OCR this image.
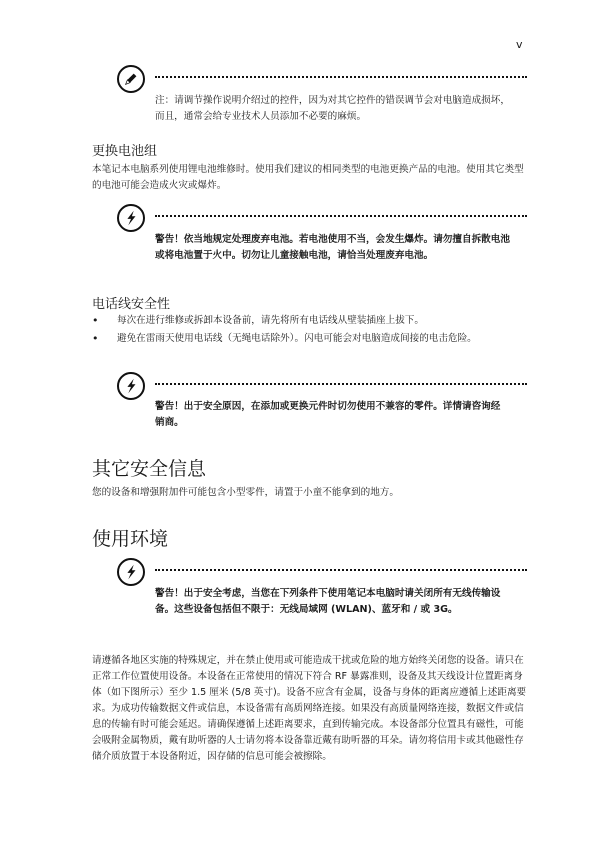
v
注：请调节操作说明介绍过的控件，因为对其它控件的错误调节会对电脑造成损坏，而且，通常会给专业技术人员添加不必要的麻烦。
更换电池组
本笔记本电脑系列使用锂电池维修时。使用我们建议的相同类型的电池更换产品的电池。使用其它类型的电池可能会造成火灾或爆炸。
警告！依当地规定处理废弃电池。若电池使用不当，会发生爆炸。请勿擅自拆散电池或将电池置于火中。切勿让儿童接触电池，请恰当处理废弃电池。
电话线安全性
• 每次在进行维修或拆卸本设备前，请先将所有电话线从壁装插座上拔下。
• 避免在雷雨天使用电话线（无绳电话除外）。闪电可能会对电脑造成间接的电击危险。
警告！出于安全原因，在添加或更换元件时切勿使用不兼容的零件。详情请咨询经销商。
其它安全信息
您的设备和增强附加件可能包含小型零件，请置于小童不能拿到的地方。
使用环境
警告！出于安全考虑，当您在下列条件下使用笔记本电脑时请关闭所有无线传输设备。这些设备包括但不限于：无线局域网 (WLAN)、蓝牙和 / 或 3G。
请遵循各地区实施的特殊规定，并在禁止使用或可能造成干扰或危险的地方始终关闭您的设备。请只在正常工作位置使用设备。本设备在正常使用的情况下符合 RF 暴露准则，设备及其天线设计位置距离身体（如下图所示）至少 1.5 厘米 (5/8 英寸)。设备不应含有金属，设备与身体的距离应遵循上述距离要求。为成功传输数据文件或信息，本设备需有高质网络连接。如果没有高质量网络连接，数据文件或信息的传输有时可能会延迟。请确保遵循上述距离要求，直到传输完成。本设备部分位置具有磁性，可能会吸附金属物质，戴有助听器的人士请勿将本设备靠近戴有助听器的耳朵。请勿将信用卡或其他磁性存储介质放置于本设备附近，因存储的信息可能会被擦除。
